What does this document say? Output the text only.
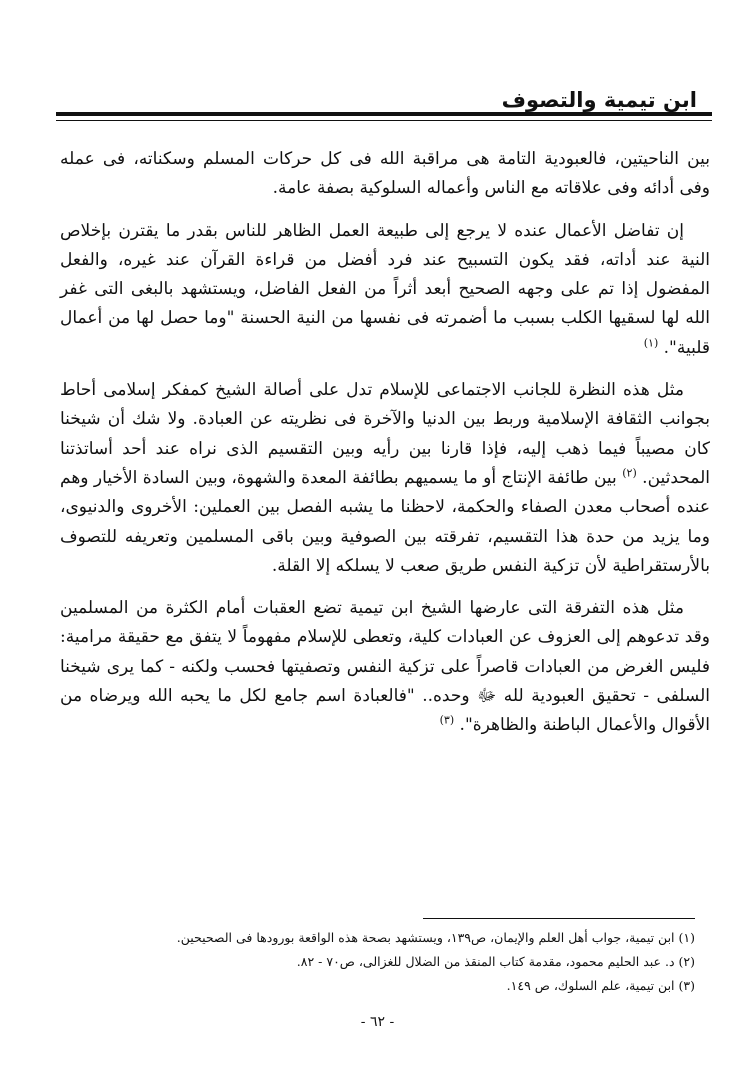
ابن تيمية والتصوف

بين الناحيتين، فالعبودية التامة هى مراقبة الله فى كل حركات المسلم وسكناته، فى عمله وفى أدائه وفى علاقاته مع الناس وأعماله السلوكية بصفة عامة.

إن تفاضل الأعمال عنده لا يرجع إلى طبيعة العمل الظاهر للناس بقدر ما يقترن بإخلاص النية عند أداته، فقد يكون التسبيح عند فرد أفضل من قراءة القرآن عند غيره، والفعل المفضول إذا تم على وجهه الصحيح أبعد أثراً من الفعل الفاضل، ويستشهد بالبغى التى غفر الله لها لسقيها الكلب بسبب ما أضمرته فى نفسها من النية الحسنة "وما حصل لها من أعمال قلبية". $^{(١)}$

مثل هذه النظرة للجانب الاجتماعى للإسلام تدل على أصالة الشيخ كمفكر إسلامى أحاط بجوانب الثقافة الإسلامية وربط بين الدنيا والآخرة فى نظريته عن العبادة. ولا شك أن شيخنا كان مصيباً فيما ذهب إليه، فإذا قارنا بين رأيه وبين التقسيم الذى نراه عند أحد أساتذتنا المحدثين. $^{(٢)}$ بين طائفة الإنتاج أو ما يسميهم بطائفة المعدة والشهوة، وبين السادة الأخيار وهم عنده أصحاب معدن الصفاء والحكمة، لاحظنا ما يشبه الفصل بين العملين: الأخروى والدنيوى، وما يزيد من حدة هذا التقسيم، تفرقته بين الصوفية وبين باقى المسلمين وتعريفه للتصوف بالأرستقراطية لأن تزكية النفس طريق صعب لا يسلكه إلا القلة.

مثل هذه التفرقة التى عارضها الشيخ ابن تيمية تضع العقبات أمام الكثرة من المسلمين وقد تدعوهم إلى العزوف عن العبادات كلية، وتعطى للإسلام مفهوماً لا يتفق مع حقيقة مرامية: فليس الغرض من العبادات قاصراً على تزكية النفس وتصفيتها فحسب ولكنه - كما يرى شيخنا السلفى - تحقيق العبودية لله ﷻ وحده.. "فالعبادة اسم جامع لكل ما يحبه الله ويرضاه من الأقوال والأعمال الباطنة والظاهرة". $^{(٣)}$

(١) ابن تيمية، جواب أهل العلم والإيمان، ص١٣٩، ويستشهد بصحة هذه الواقعة بورودها فى الصحيحين.

(٢) د. عبد الحليم محمود، مقدمة كتاب المنقذ من الضلال للغزالى، ص٧٠ - ٨٢.

(٣) ابن تيمية، علم السلوك، ص ١٤٩.

- ٦٢ -
